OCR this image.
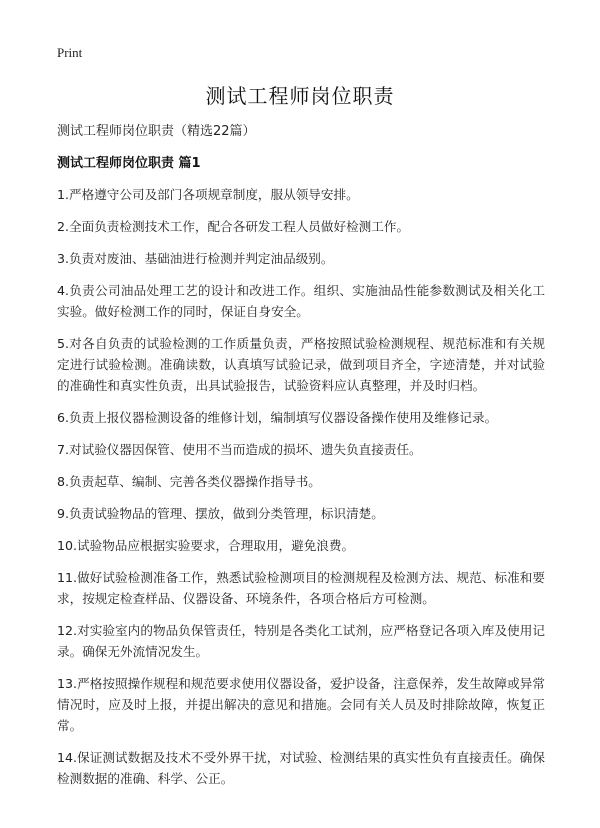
Print
测试工程师岗位职责
测试工程师岗位职责（精选22篇）
测试工程师岗位职责 篇1

1.严格遵守公司及部门各项规章制度，服从领导安排。

2.全面负责检测技术工作，配合各研发工程人员做好检测工作。

3.负责对废油、基础油进行检测并判定油品级别。

4.负责公司油品处理工艺的设计和改进工作。组织、实施油品性能参数测试及相关化工实验。做好检测工作的同时，保证自身安全。

5.对各自负责的试验检测的工作质量负责，严格按照试验检测规程、规范标准和有关规定进行试验检测。准确读数，认真填写试验记录，做到项目齐全，字迹清楚，并对试验的准确性和真实性负责，出具试验报告，试验资料应认真整理，并及时归档。

6.负责上报仪器检测设备的维修计划，编制填写仪器设备操作使用及维修记录。

7.对试验仪器因保管、使用不当而造成的损坏、遗失负直接责任。

8.负责起草、编制、完善各类仪器操作指导书。

9.负责试验物品的管理、摆放，做到分类管理，标识清楚。

10.试验物品应根据实验要求，合理取用，避免浪费。

11.做好试验检测准备工作，熟悉试验检测项目的检测规程及检测方法、规范、标准和要求，按规定检查样品、仪器设备、环境条件，各项合格后方可检测。

12.对实验室内的物品负保管责任，特别是各类化工试剂，应严格登记各项入库及使用记录。确保无外流情况发生。

13.严格按照操作规程和规范要求使用仪器设备，爱护设备，注意保养，发生故障或异常情况时，应及时上报，并提出解决的意见和措施。会同有关人员及时排除故障，恢复正常。

14.保证测试数据及技术不受外界干扰，对试验、检测结果的真实性负有直接责任。确保检测数据的准确、科学、公正。
